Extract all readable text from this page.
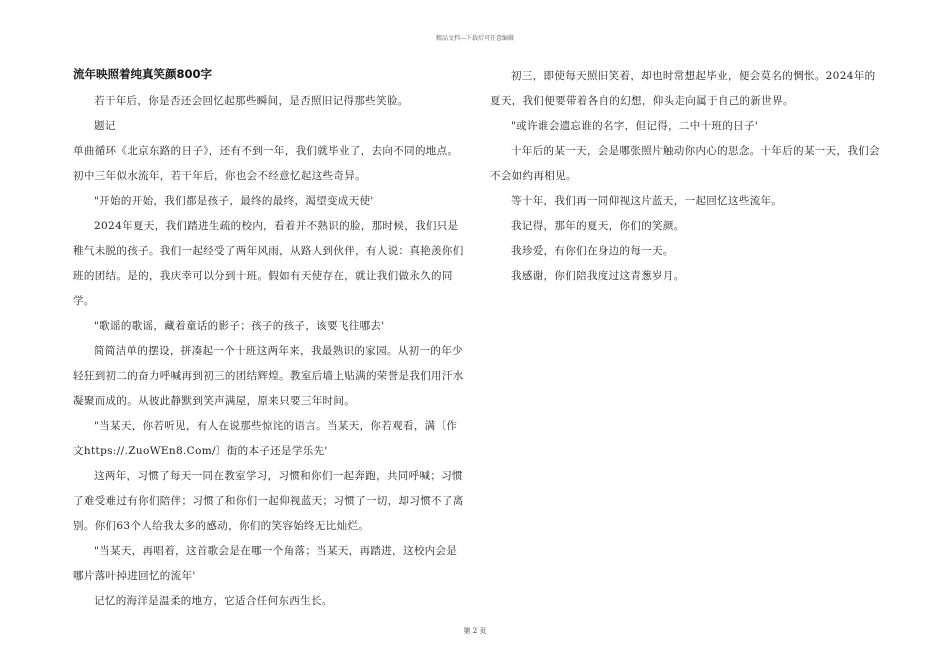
精品文档---下载后可任意编辑
流年映照着纯真笑颜800字

若干年后，你是否还会回忆起那些瞬间，是否照旧记得那些笑脸。

题记

单曲循环《北京东路的日子》，还有不到一年，我们就毕业了，去向不同的地点。初中三年似水流年，若干年后，你也会不经意忆起这些奇异。

"开始的开始，我们都是孩子，最终的最终，渴望变成天使'

2024年夏天，我们踏进生疏的校内，看着并不熟识的脸，那时候，我们只是稚气未脱的孩子。我们一起经受了两年风雨，从路人到伙伴，有人说：真艳羡你们班的团结。是的，我庆幸可以分到十班。假如有天使存在，就让我们做永久的同学。

"歌谣的歌谣，藏着童话的影子；孩子的孩子，该要飞往哪去'

简简洁单的摆设，拼凑起一个十班这两年来，我最熟识的家园。从初一的年少轻狂到初二的奋力呼喊再到初三的团结辉煌。教室后墙上贴满的荣誉是我们用汗水凝聚而成的。从彼此静默到笑声满屋，原来只要三年时间。

"当某天，你若听见，有人在说那些惊诧的语言。当某天，你若观看，满〔作文https://.ZuoWEn8.Com/〕街的本子还是学乐先'

这两年，习惯了每天一同在教室学习，习惯和你们一起奔跑，共同呼喊；习惯了难受难过有你们陪伴；习惯了和你们一起仰视蓝天；习惯了一切，却习惯不了离别。你们63个人给我太多的感动，你们的笑容始终无比灿烂。

"当某天，再唱着，这首歌会是在哪一个角落；当某天，再踏进，这校内会是哪片落叶掉进回忆的流年'

记忆的海洋是温柔的地方，它适合任何东西生长。

初三，即使每天照旧笑着，却也时常想起毕业，便会莫名的惆怅。2024年的夏天，我们便要带着各自的幻想，仰头走向属于自己的新世界。

"或许谁会遗忘谁的名字，但记得，二中十班的日子'

十年后的某一天，会是哪张照片触动你内心的思念。十年后的某一天，我们会不会如约再相见。

等十年，我们再一同仰视这片蓝天，一起回忆这些流年。

我记得，那年的夏天，你们的笑颜。

我珍爱，有你们在身边的每一天。

我感谢，你们陪我度过这青葱岁月。

第 2 页
